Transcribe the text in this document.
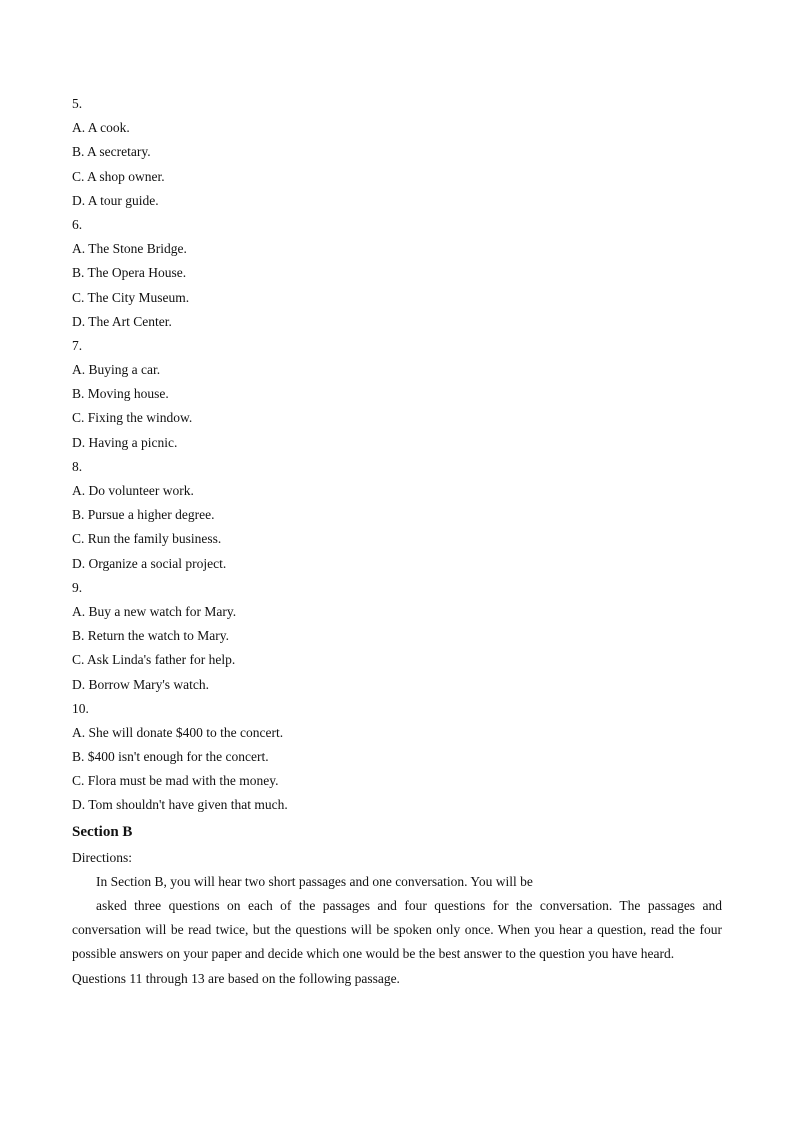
5.
A. A cook.
B. A secretary.
C. A shop owner.
D. A tour guide.
6.
A. The Stone Bridge.
B. The Opera House.
C. The City Museum.
D. The Art Center.
7.
A. Buying a car.
B. Moving house.
C. Fixing the window.
D. Having a picnic.
8.
A. Do volunteer work.
B. Pursue a higher degree.
C. Run the family business.
D. Organize a social project.
9.
A. Buy a new watch for Mary.
B. Return the watch to Mary.
C. Ask Linda's father for help.
D. Borrow Mary's watch.
10.
A. She will donate $400 to the concert.
B. $400 isn't enough for the concert.
C. Flora must be mad with the money.
D. Tom shouldn't have given that much.
Section B
Directions:
In Section B, you will hear two short passages and one conversation. You will be
asked three questions on each of the passages and four questions for the conversation. The passages and conversation will be read twice, but the questions will be spoken only once. When you hear a question, read the four possible answers on your paper and decide which one would be the best answer to the question you have heard.
Questions 11 through 13 are based on the following passage.
